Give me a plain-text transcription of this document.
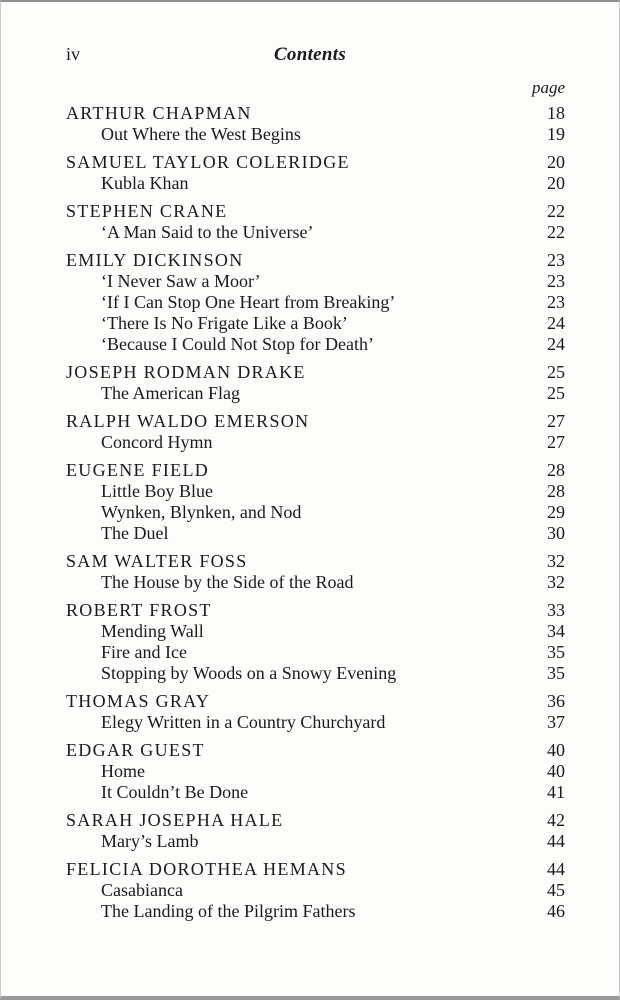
iv	Contents
page
ARTHUR CHAPMAN	18
Out Where the West Begins	19
SAMUEL TAYLOR COLERIDGE	20
Kubla Khan	20
STEPHEN CRANE	22
‘A Man Said to the Universe’	22
EMILY DICKINSON	23
‘I Never Saw a Moor’	23
‘If I Can Stop One Heart from Breaking’	23
‘There Is No Frigate Like a Book’	24
‘Because I Could Not Stop for Death’	24
JOSEPH RODMAN DRAKE	25
The American Flag	25
RALPH WALDO EMERSON	27
Concord Hymn	27
EUGENE FIELD	28
Little Boy Blue	28
Wynken, Blynken, and Nod	29
The Duel	30
SAM WALTER FOSS	32
The House by the Side of the Road	32
ROBERT FROST	33
Mending Wall	34
Fire and Ice	35
Stopping by Woods on a Snowy Evening	35
THOMAS GRAY	36
Elegy Written in a Country Churchyard	37
EDGAR GUEST	40
Home	40
It Couldn’t Be Done	41
SARAH JOSEPHA HALE	42
Mary’s Lamb	44
FELICIA DOROTHEA HEMANS	44
Casabianca	45
The Landing of the Pilgrim Fathers	46
